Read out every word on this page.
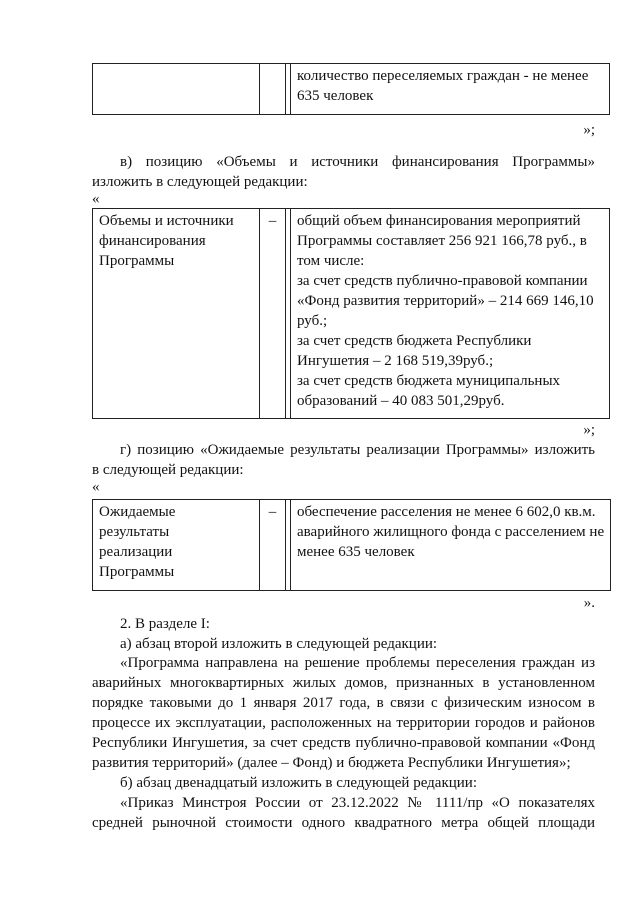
количество переселяемых граждан - не менее
635 человек
»;
в) позицию «Объемы и источники финансирования Программы»
изложить в следующей редакции:
«
Объемы и источники
финансирования
Программы
	–		общий объем финансирования мероприятий
Программы составляет 256 921 166,78 руб., в
том числе:
за счет средств публично-правовой компании
«Фонд развития территорий» – 214 669 146,10
руб.;
за счет средств бюджета Республики
Ингушетия – 2 168 519,39руб.;
за счет средств бюджета муниципальных
образований – 40 083 501,29руб.
»;
г) позицию «Ожидаемые результаты реализации Программы» изложить
в следующей редакции:
«
Ожидаемые
результаты
реализации
Программы
	–		обеспечение расселения не менее 6 602,0 кв.м.
аварийного жилищного фонда с расселением не
менее 635 человек
».
2. В разделе I:
а) абзац второй изложить в следующей редакции:
«Программа направлена на решение проблемы переселения граждан из
аварийных многоквартирных жилых домов, признанных в установленном
порядке таковыми до 1 января 2017 года, в связи с физическим износом в
процессе их эксплуатации, расположенных на территории городов и районов
Республики Ингушетия, за счет средств публично-правовой компании «Фонд
развития территорий» (далее – Фонд) и бюджета Республики Ингушетия»;
б) абзац двенадцатый изложить в следующей редакции:
«Приказ Минстроя России от 23.12.2022 № 1111/пр «О показателях
средней рыночной стоимости одного квадратного метра общей площади
